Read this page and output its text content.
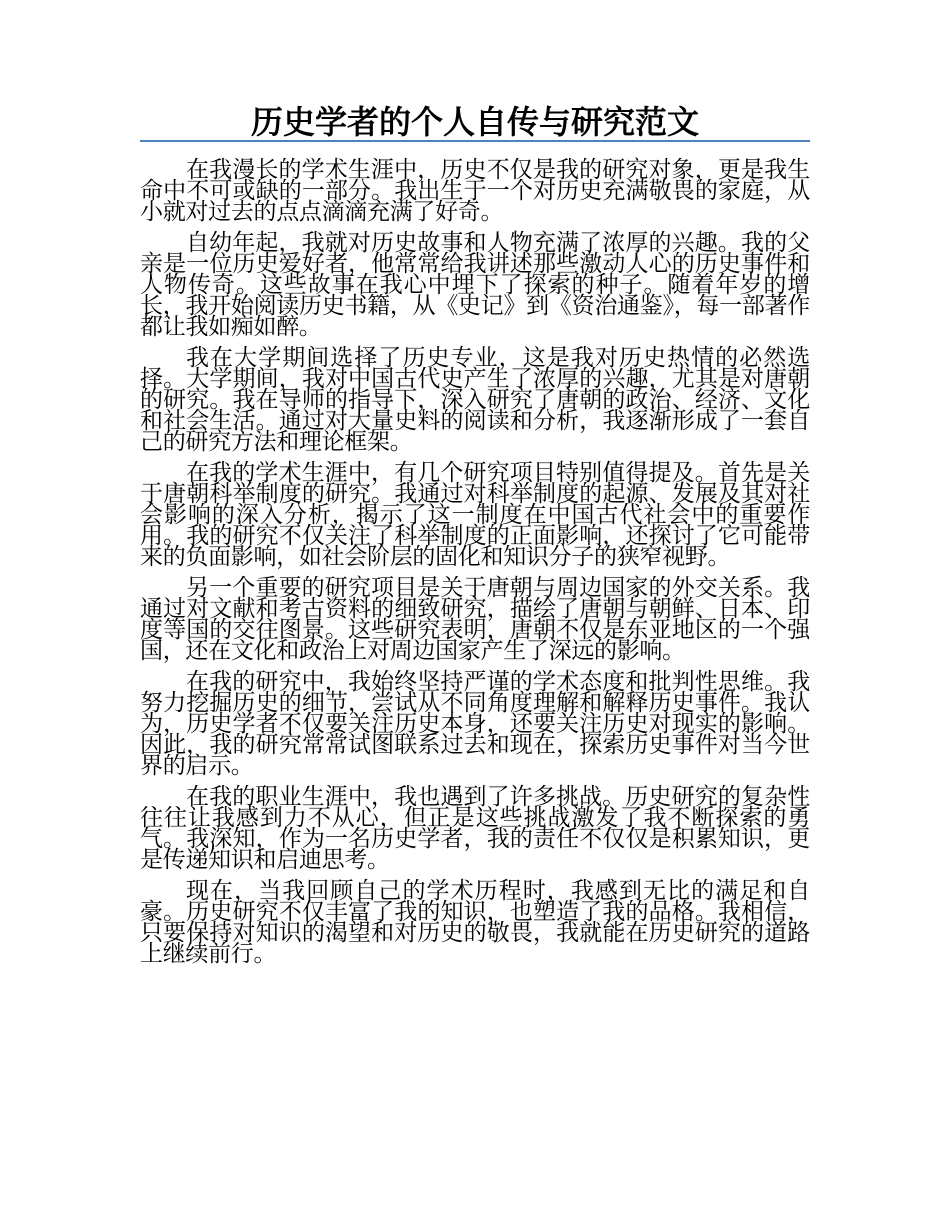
历史学者的个人自传与研究范文

在我漫长的学术生涯中，历史不仅是我的研究对象，更是我生命中不可或缺的一部分。我出生于一个对历史充满敬畏的家庭，从小就对过去的点点滴滴充满了好奇。

自幼年起，我就对历史故事和人物充满了浓厚的兴趣。我的父亲是一位历史爱好者，他常常给我讲述那些激动人心的历史事件和人物传奇。这些故事在我心中埋下了探索的种子。随着年岁的增长，我开始阅读历史书籍，从《史记》到《资治通鉴》，每一部著作都让我如痴如醉。

我在大学期间选择了历史专业，这是我对历史热情的必然选择。大学期间，我对中国古代史产生了浓厚的兴趣，尤其是对唐朝的研究。我在导师的指导下，深入研究了唐朝的政治、经济、文化和社会生活。通过对大量史料的阅读和分析，我逐渐形成了一套自己的研究方法和理论框架。

在我的学术生涯中，有几个研究项目特别值得提及。首先是关于唐朝科举制度的研究。我通过对科举制度的起源、发展及其对社会影响的深入分析，揭示了这一制度在中国古代社会中的重要作用。我的研究不仅关注了科举制度的正面影响，还探讨了它可能带来的负面影响，如社会阶层的固化和知识分子的狭窄视野。

另一个重要的研究项目是关于唐朝与周边国家的外交关系。我通过对文献和考古资料的细致研究，描绘了唐朝与朝鲜、日本、印度等国的交往图景。这些研究表明，唐朝不仅是东亚地区的一个强国，还在文化和政治上对周边国家产生了深远的影响。

在我的研究中，我始终坚持严谨的学术态度和批判性思维。我努力挖掘历史的细节，尝试从不同角度理解和解释历史事件。我认为，历史学者不仅要关注历史本身，还要关注历史对现实的影响。因此，我的研究常常试图联系过去和现在，探索历史事件对当今世界的启示。

在我的职业生涯中，我也遇到了许多挑战。历史研究的复杂性往往让我感到力不从心，但正是这些挑战激发了我不断探索的勇气。我深知，作为一名历史学者，我的责任不仅仅是积累知识，更是传递知识和启迪思考。

现在，当我回顾自己的学术历程时，我感到无比的满足和自豪。历史研究不仅丰富了我的知识，也塑造了我的品格。我相信，只要保持对知识的渴望和对历史的敬畏，我就能在历史研究的道路上继续前行。
